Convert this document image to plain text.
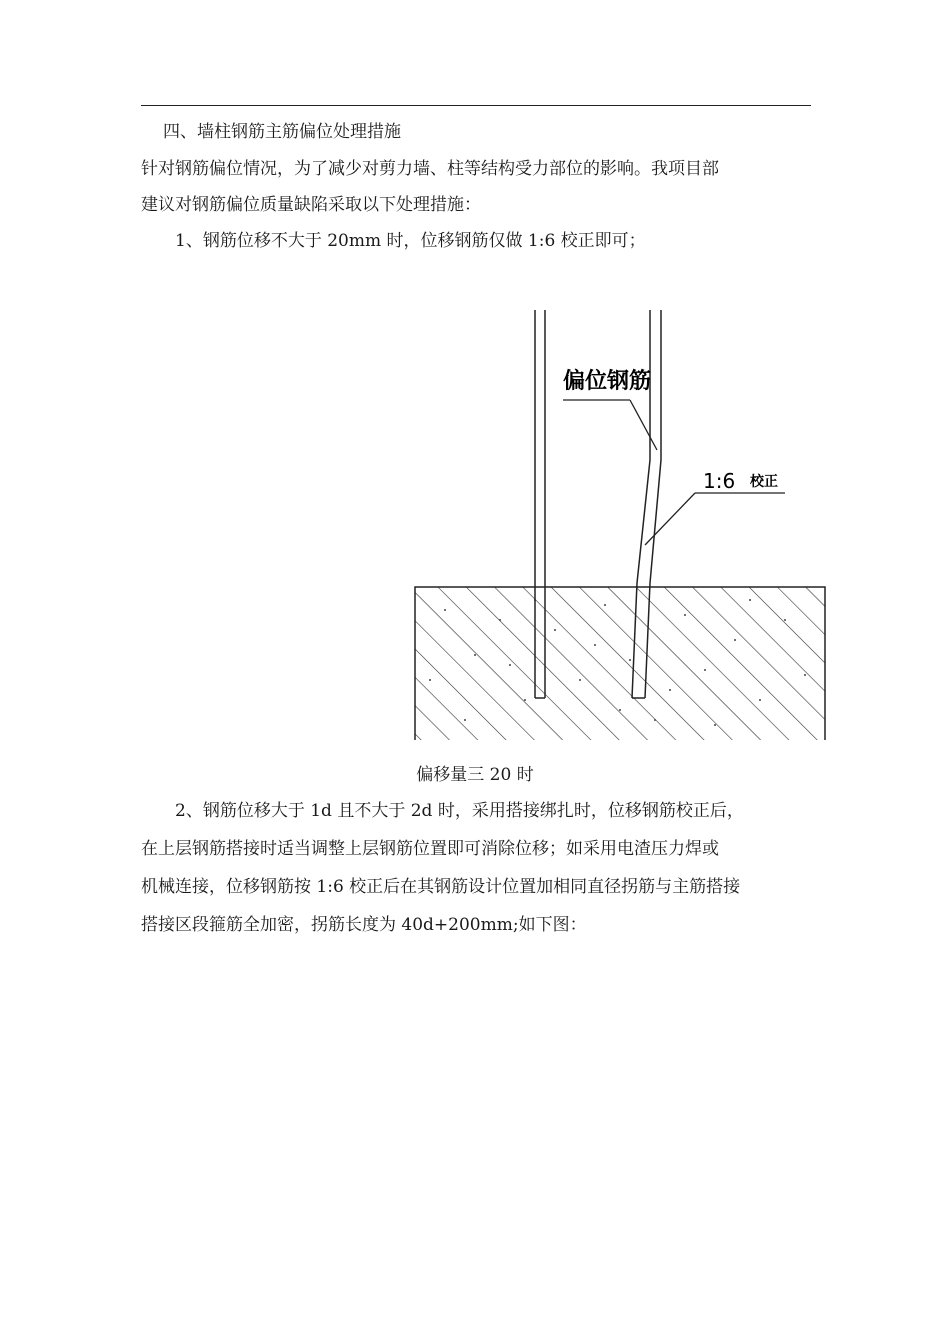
四、墙柱钢筋主筋偏位处理措施
针对钢筋偏位情况，为了减少对剪力墙、柱等结构受力部位的影响。我项目部
建议对钢筋偏位质量缺陷采取以下处理措施：
1、钢筋位移不大于 20mm 时，位移钢筋仅做 1:6 校正即可；
偏位钢筋
1:6 校正
偏移量三 20 时
2、钢筋位移大于 1d 且不大于 2d 时，采用搭接绑扎时，位移钢筋校正后，
在上层钢筋搭接时适当调整上层钢筋位置即可消除位移；如采用电渣压力焊或
机械连接，位移钢筋按 1:6 校正后在其钢筋设计位置加相同直径拐筋与主筋搭接
搭接区段箍筋全加密，拐筋长度为 40d+200mm;如下图：
